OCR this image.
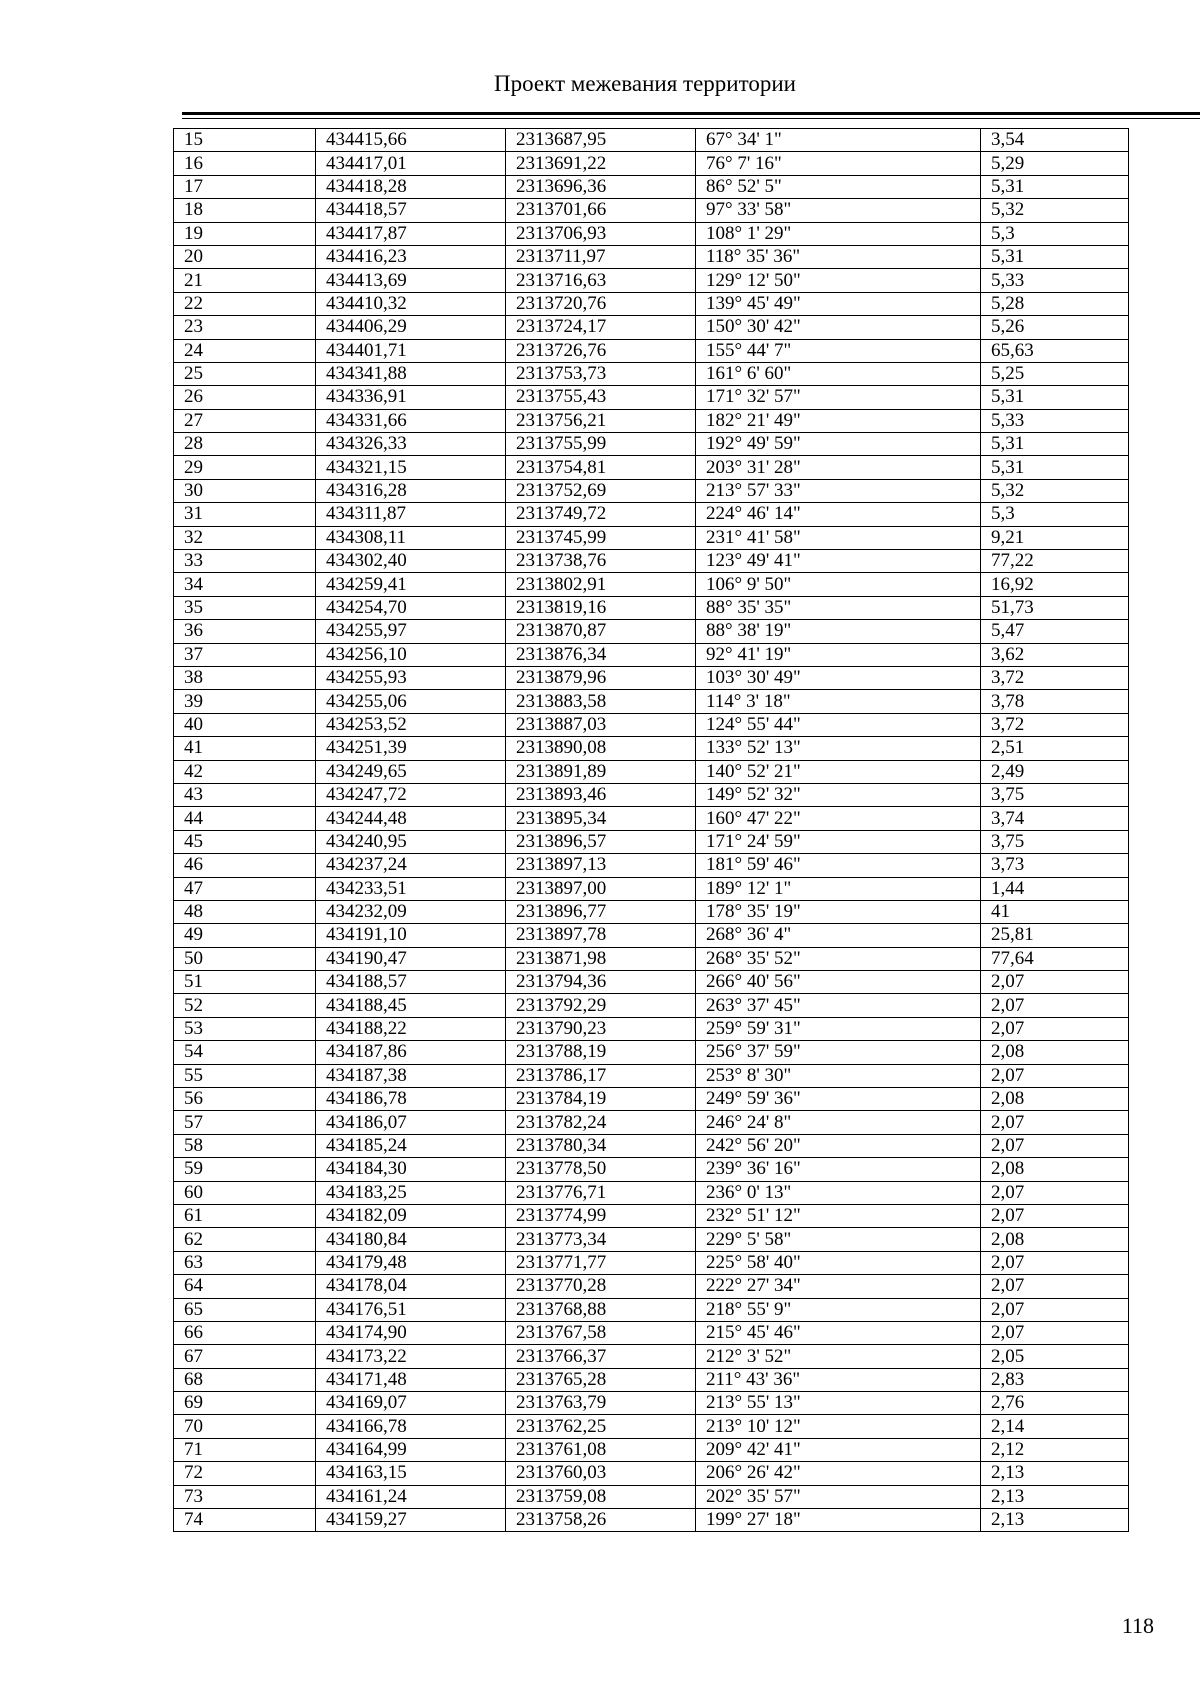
Проект межевания территории
15	434415,66	2313687,95	67° 34' 1"	3,54
16	434417,01	2313691,22	76° 7' 16"	5,29
17	434418,28	2313696,36	86° 52' 5"	5,31
18	434418,57	2313701,66	97° 33' 58"	5,32
19	434417,87	2313706,93	108° 1' 29"	5,3
20	434416,23	2313711,97	118° 35' 36"	5,31
21	434413,69	2313716,63	129° 12' 50"	5,33
22	434410,32	2313720,76	139° 45' 49"	5,28
23	434406,29	2313724,17	150° 30' 42"	5,26
24	434401,71	2313726,76	155° 44' 7"	65,63
25	434341,88	2313753,73	161° 6' 60"	5,25
26	434336,91	2313755,43	171° 32' 57"	5,31
27	434331,66	2313756,21	182° 21' 49"	5,33
28	434326,33	2313755,99	192° 49' 59"	5,31
29	434321,15	2313754,81	203° 31' 28"	5,31
30	434316,28	2313752,69	213° 57' 33"	5,32
31	434311,87	2313749,72	224° 46' 14"	5,3
32	434308,11	2313745,99	231° 41' 58"	9,21
33	434302,40	2313738,76	123° 49' 41"	77,22
34	434259,41	2313802,91	106° 9' 50"	16,92
35	434254,70	2313819,16	88° 35' 35"	51,73
36	434255,97	2313870,87	88° 38' 19"	5,47
37	434256,10	2313876,34	92° 41' 19"	3,62
38	434255,93	2313879,96	103° 30' 49"	3,72
39	434255,06	2313883,58	114° 3' 18"	3,78
40	434253,52	2313887,03	124° 55' 44"	3,72
41	434251,39	2313890,08	133° 52' 13"	2,51
42	434249,65	2313891,89	140° 52' 21"	2,49
43	434247,72	2313893,46	149° 52' 32"	3,75
44	434244,48	2313895,34	160° 47' 22"	3,74
45	434240,95	2313896,57	171° 24' 59"	3,75
46	434237,24	2313897,13	181° 59' 46"	3,73
47	434233,51	2313897,00	189° 12' 1"	1,44
48	434232,09	2313896,77	178° 35' 19"	41
49	434191,10	2313897,78	268° 36' 4"	25,81
50	434190,47	2313871,98	268° 35' 52"	77,64
51	434188,57	2313794,36	266° 40' 56"	2,07
52	434188,45	2313792,29	263° 37' 45"	2,07
53	434188,22	2313790,23	259° 59' 31"	2,07
54	434187,86	2313788,19	256° 37' 59"	2,08
55	434187,38	2313786,17	253° 8' 30"	2,07
56	434186,78	2313784,19	249° 59' 36"	2,08
57	434186,07	2313782,24	246° 24' 8"	2,07
58	434185,24	2313780,34	242° 56' 20"	2,07
59	434184,30	2313778,50	239° 36' 16"	2,08
60	434183,25	2313776,71	236° 0' 13"	2,07
61	434182,09	2313774,99	232° 51' 12"	2,07
62	434180,84	2313773,34	229° 5' 58"	2,08
63	434179,48	2313771,77	225° 58' 40"	2,07
64	434178,04	2313770,28	222° 27' 34"	2,07
65	434176,51	2313768,88	218° 55' 9"	2,07
66	434174,90	2313767,58	215° 45' 46"	2,07
67	434173,22	2313766,37	212° 3' 52"	2,05
68	434171,48	2313765,28	211° 43' 36"	2,83
69	434169,07	2313763,79	213° 55' 13"	2,76
70	434166,78	2313762,25	213° 10' 12"	2,14
71	434164,99	2313761,08	209° 42' 41"	2,12
72	434163,15	2313760,03	206° 26' 42"	2,13
73	434161,24	2313759,08	202° 35' 57"	2,13
74	434159,27	2313758,26	199° 27' 18"	2,13
118
